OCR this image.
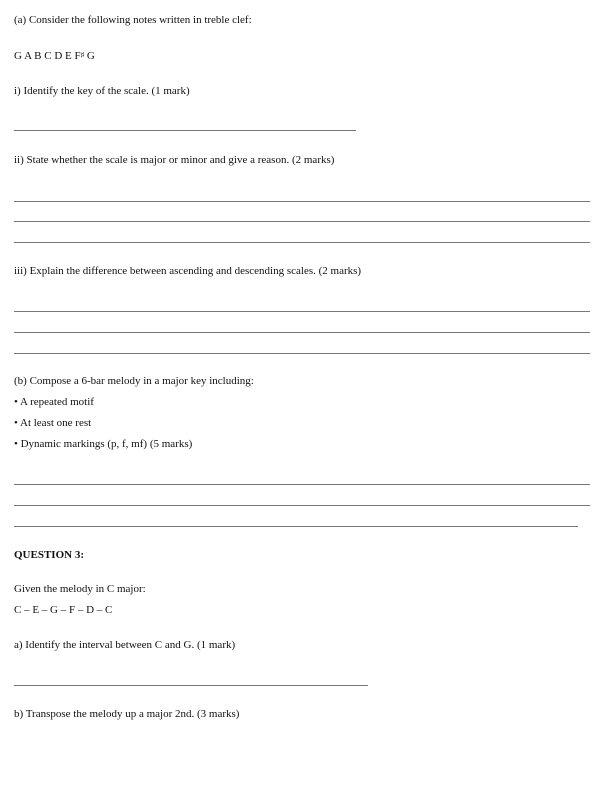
(a) Consider the following notes written in treble clef:
G A B C D E F♯ G
i) Identify the key of the scale. (1 mark)
ii) State whether the scale is major or minor and give a reason. (2 marks)
iii) Explain the difference between ascending and descending scales. (2 marks)
(b) Compose a 6-bar melody in a major key including:
• A repeated motif
• At least one rest
• Dynamic markings (p, f, mf) (5 marks)
QUESTION 3:
Given the melody in C major:
C – E – G – F – D – C
a) Identify the interval between C and G. (1 mark)
b) Transpose the melody up a major 2nd. (3 marks)
